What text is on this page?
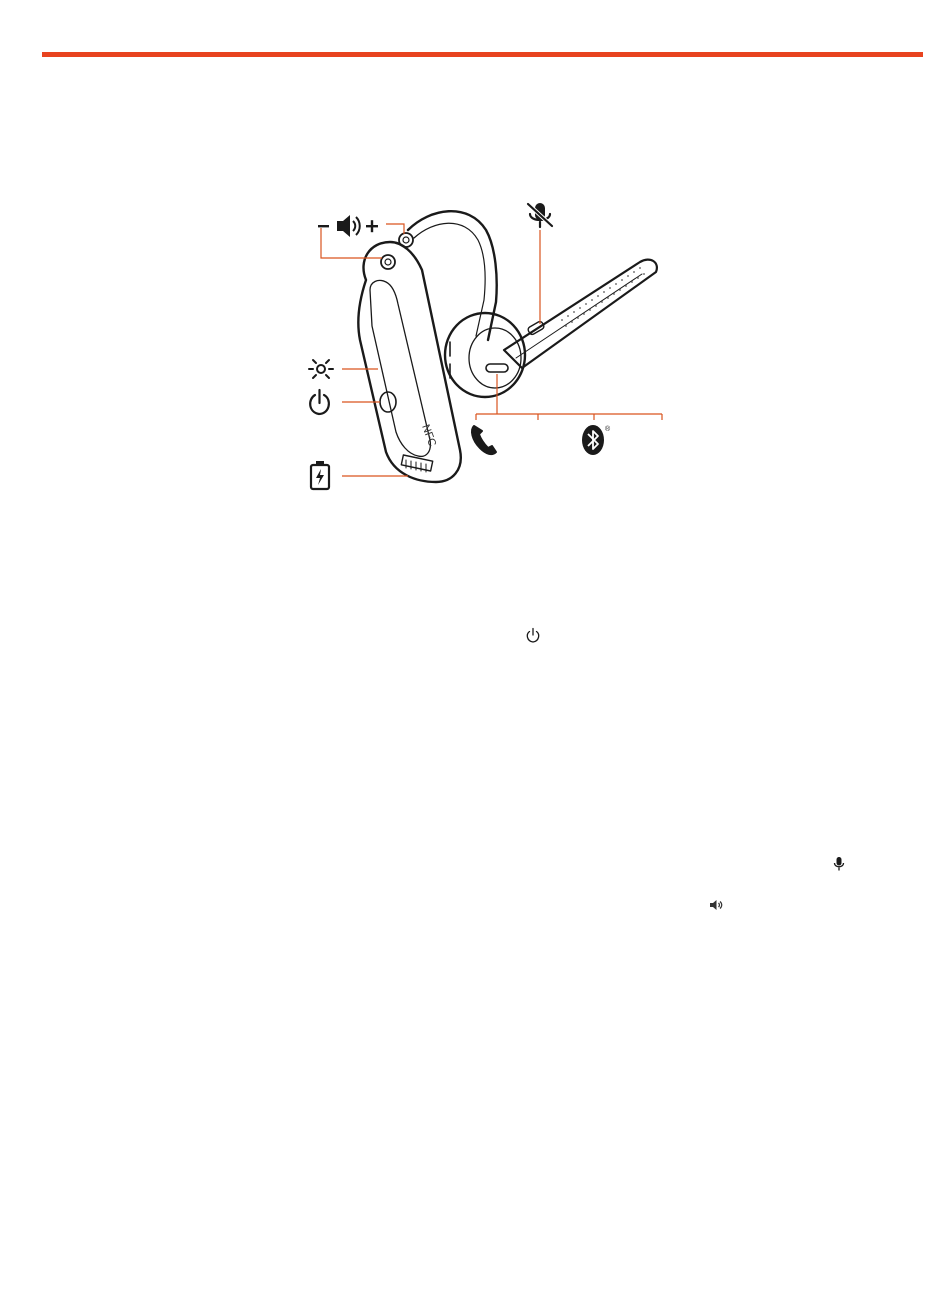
NFC	®
